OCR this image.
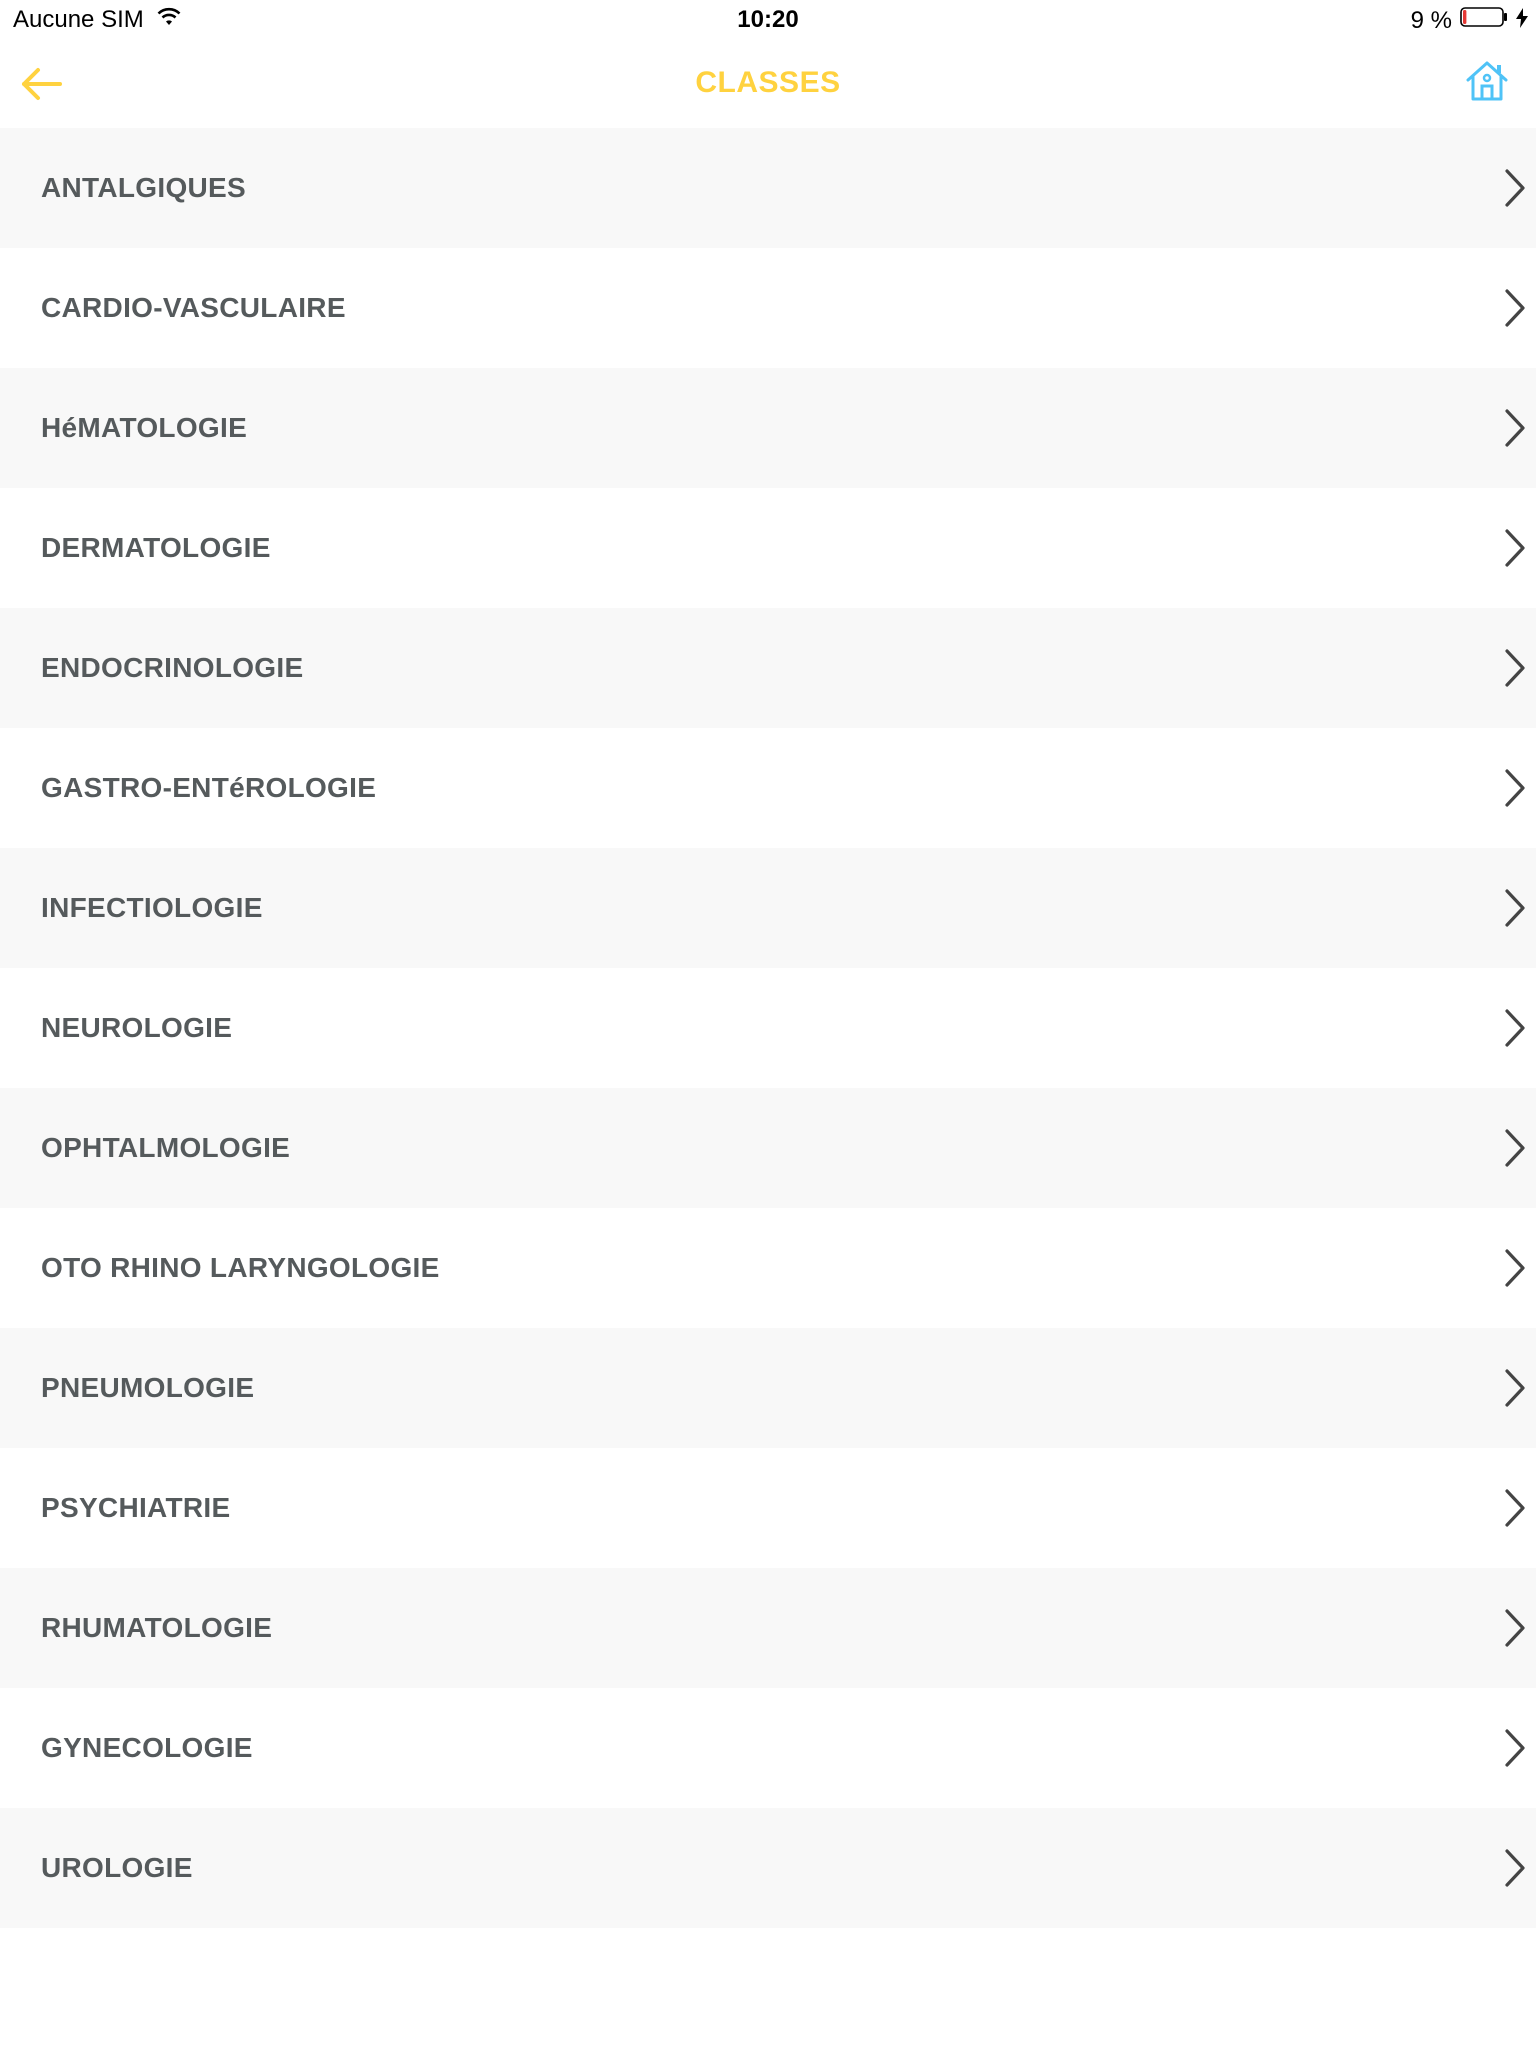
Aucune SIM	10:20	9 %
CLASSES
ANTALGIQUES
CARDIO-VASCULAIRE
HéMATOLOGIE
DERMATOLOGIE
ENDOCRINOLOGIE
GASTRO-ENTéROLOGIE
INFECTIOLOGIE
NEUROLOGIE
OPHTALMOLOGIE
OTO RHINO LARYNGOLOGIE
PNEUMOLOGIE
PSYCHIATRIE
RHUMATOLOGIE
GYNECOLOGIE
UROLOGIE
